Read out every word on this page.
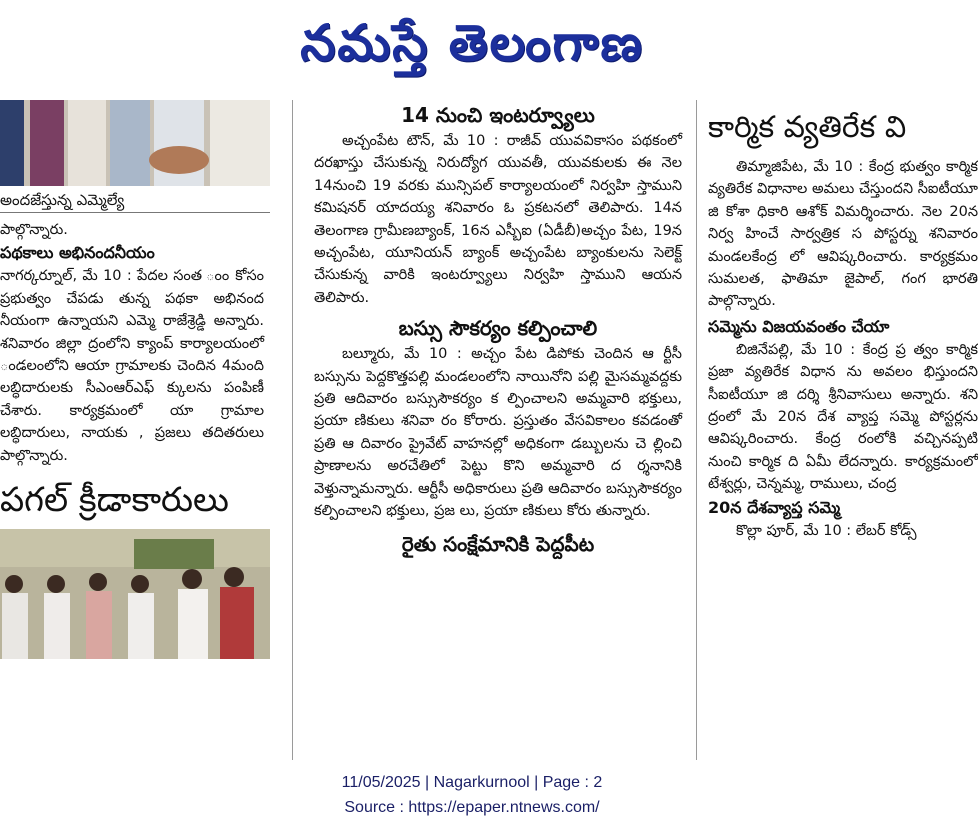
నమస్తే తెలంగాణ
అందజేస్తున్న ఎమ్మెల్యే

పాల్గొన్నారు.

పథకాలు అభినందనీయం

నాగర్కర్నూల్, మే 10 : పేదల సంత ంం కోసం ప్రభుత్వం చేపడు తున్న పథకా అభినంద నీయంగా ఉన్నాయని ఎమ్మె రాజేశ్రెడ్డి అన్నారు. శనివారం జిల్లా ద్రంలోని క్యాంప్ కార్యాలయంలో ండలంలోని ఆయా గ్రామాలకు చెందిన 4మంది లబ్ధిదారులకు సీఎంఆర్ఎఫ్ క్కులను పంపిణీ చేశారు. కార్యక్రమంలో యా గ్రామాల లబ్ధిదారులు, నాయకు , ప్రజలు తదితరులు పాల్గొన్నారు.

పగల్ క్రీడాకారులు

14 నుంచి ఇంటర్వ్యూలు

అచ్చంపేట టౌన్, మే 10 : రాజీవ్ యువవికాసం పథకంలో దరఖాస్తు చేసుకున్న నిరుద్యోగ యువతీ, యువకులకు ఈ నెల 14నుంచి 19 వరకు మున్సిపల్ కార్యాలయంలో నిర్వహి స్తాముని కమిషనర్ యాదయ్య శనివారం ఓ ప్రకటనలో తెలిపారు. 14న తెలంగాణ గ్రామీణబ్యాంక్, 16న ఎస్బీఐ (ఏడీబీ)అచ్చం పేట, 19న అచ్చంపేట, యూనియన్ బ్యాంక్ అచ్చంపేట బ్యాంకులను సెలెక్ట్ చేసుకున్న వారికి ఇంటర్వ్యూలు నిర్వహి స్తాముని ఆయన తెలిపారు.

బస్సు సౌకర్యం కల్పించాలి

బల్మూరు, మే 10 : అచ్చం పేట డిపోకు చెందిన ఆ ర్టీసీ బస్సును పెద్దకొత్తపల్లి మండలంలోని నాయినోని పల్లి మైసమ్మవద్దకు ప్రతి ఆదివారం బస్సుసౌకర్యం క ల్పించాలని అమ్మవారి భక్తులు, ప్రయా ణికులు శనివా రం కోరారు. ప్రస్తుతం వేసవికాలం కవడంతో ప్రతి ఆ దివారం ప్రైవేట్ వాహనల్లో అధికంగా డబ్బులను చె ల్లించి ప్రాణాలను అరచేతిలో పెట్టు కొని అమ్మవారి ద ర్శనానికి వెళ్తున్నామన్నారు. ఆర్టీసీ అధికారులు ప్రతి ఆదివారం బస్సుసౌకర్యం కల్పించాలని భక్తులు, ప్రజ లు, ప్రయా ణికులు కోరు తున్నారు.

రైతు సంక్షేమానికి పెద్దపీట

కార్మిక వ్యతిరేక వి

తిమ్మాజిపేట, మే 10 : కేంద్ర భుత్వం కార్మిక వ్యతిరేక విధానాల అమలు చేస్తుందని సీఐటీయూ జి కోశా ధికారి ఆశోక్ విమర్శించారు. నెల 20న నిర్వ హించే సార్వత్రిక స పోస్టర్ను శనివారం మండలకేంద్ర లో ఆవిష్కరించారు. కార్యక్రమం సుమలత, ఫాతిమా జైపాల్, గంగ భారతి పాల్గొన్నారు.

సమ్మెను విజయవంతం చేయా

బిజినేపల్లి, మే 10 : కేంద్ర ప్ర త్వం కార్మిక ప్రజా వ్యతిరేక విధాన ను అవలం భిస్తుందని సీఐటీయూ జి దర్శి శ్రీనివాసులు అన్నారు. శని ద్రంలో మే 20న దేశ వ్యాప్త సమ్మె పోస్టర్లను ఆవిష్కరించారు. కేంద్ర రంలోకి వచ్చినప్పటి నుంచి కార్మిక ది ఏమీ లేదన్నారు. కార్యక్రమంలో టేశ్వర్లు, చెన్నమ్మ, రాములు, చంద్ర

20న దేశవ్యాప్త సమ్మె

కొల్లా పూర్, మే 10 : లేబర్ కోడ్స్

11/05/2025 | Nagarkurnool | Page : 2
Source : https://epaper.ntnews.com/
